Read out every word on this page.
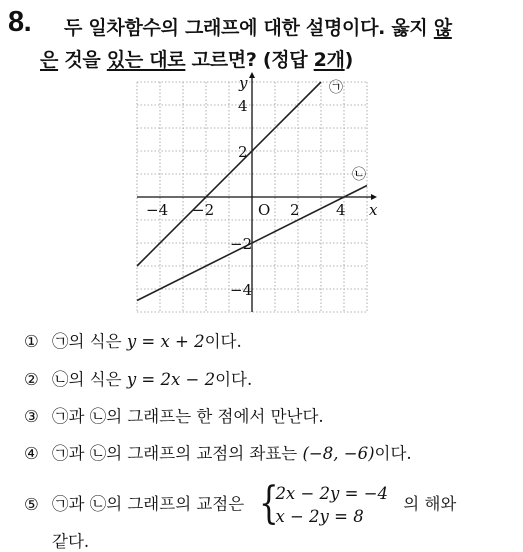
8. 두 일차함수의 그래프에 대한 설명이다. 옳지 않
은 것을 있는 대로 고르면? (정답 2개)
−4 −2	2 4
4
2
−2
−4
O
y
x
㉠
㉡
① ㉠의 식은 y = x + 2이다.
② ㉡의 식은 y = 2x − 2이다.
③ ㉠과 ㉡의 그래프는 한 점에서 만난다.
④ ㉠과 ㉡의 그래프의 교점의 좌표는 (−8, −6)이다.
⑤ ㉠과 ㉡의 그래프의 교점은 {
2x − 2y = −4
x − 2y = 8
의 해와
같다.
